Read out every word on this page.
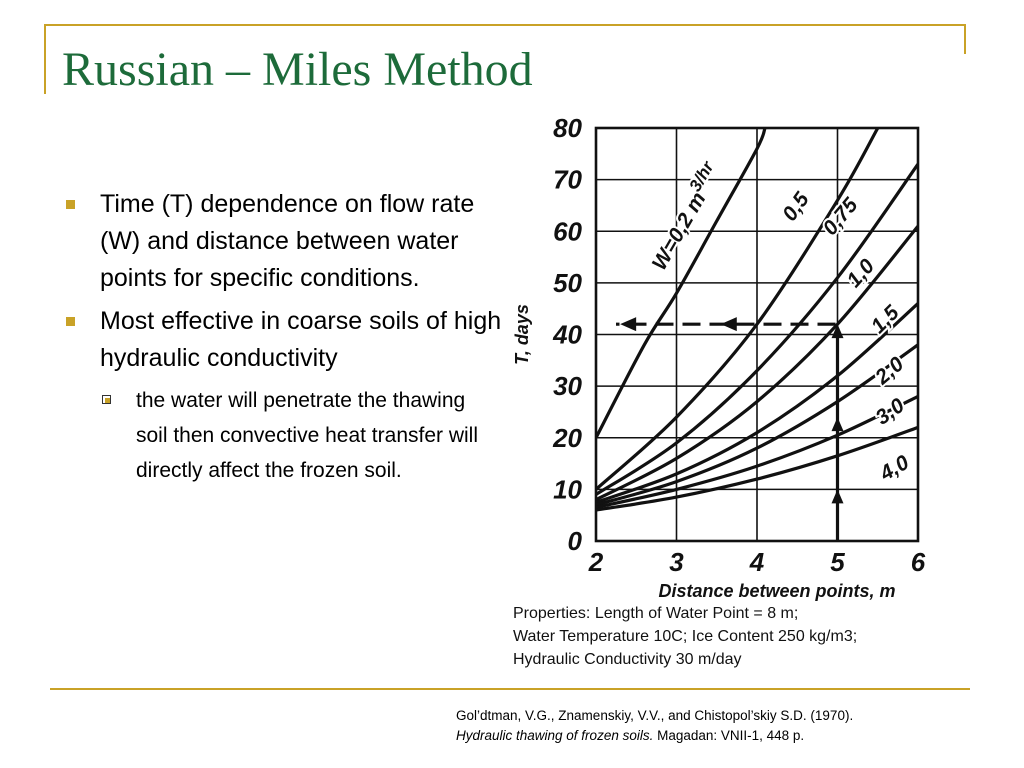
Russian – Miles Method
Time (T) dependence on flow rate (W) and distance between water points for specific conditions.
Most effective in coarse soils of high hydraulic conductivity
the water will penetrate the thawing soil then convective heat transfer will directly affect the frozen soil.
0
10
20
30
40
50
60
70
80
2	3	4	5	6
Distance between points, m
T, days
W=0,2 $m^{3/hr}$
0,5 0,75
1,0
1,5
2,0
3,0
4,0
Properties: Length of Water Point = 8 m;
Water Temperature 10C; Ice Content 250 kg/m3;
Hydraulic Conductivity 30 m/day
Gol’dtman, V.G., Znamenskiy, V.V., and Chistopol’skiy S.D. (1970).
Hydraulic thawing of frozen soils. Magadan: VNII-1, 448 p.
